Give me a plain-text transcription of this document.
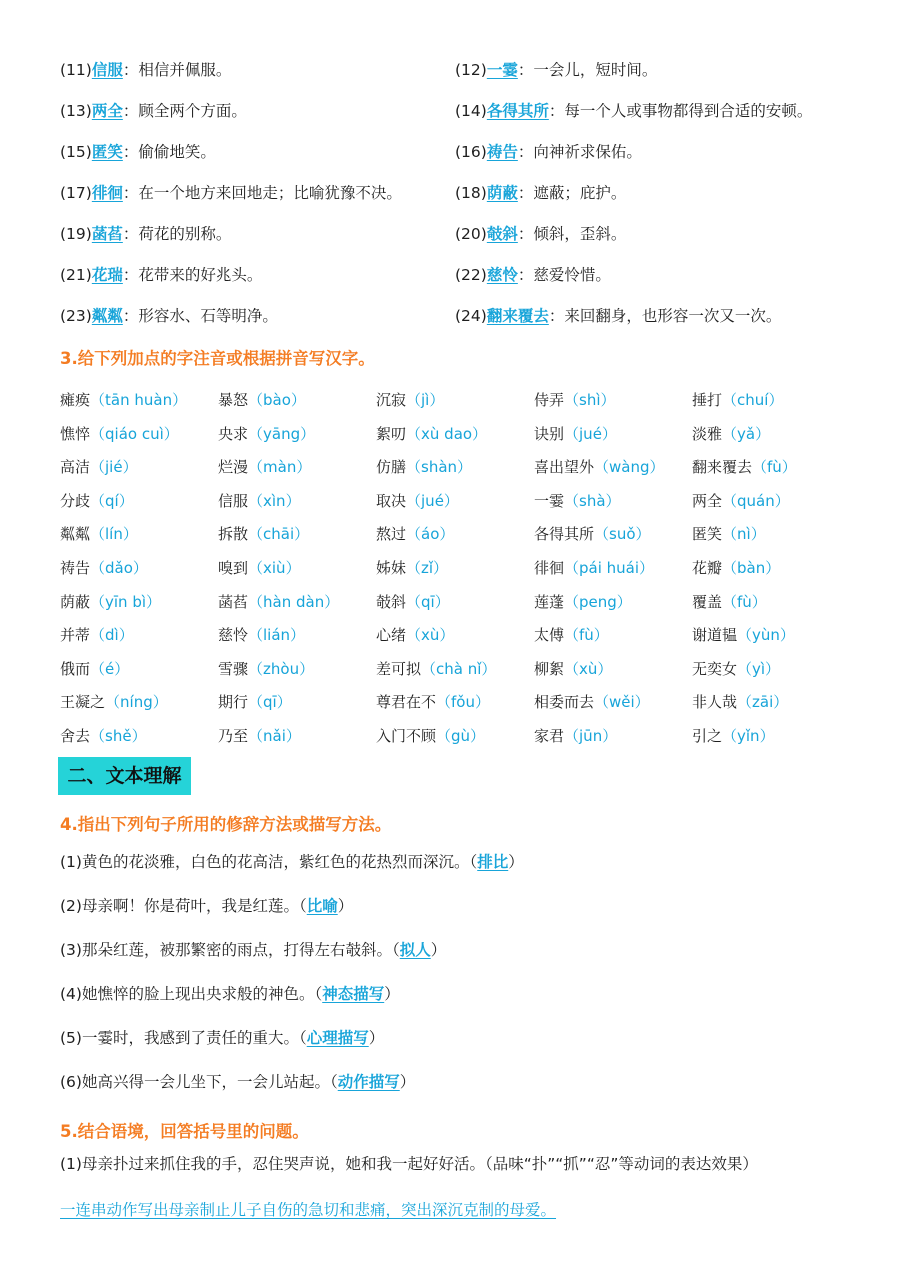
(11)信服：相信并佩服。	(12)一霎：一会儿，短时间。
(13)两全：顾全两个方面。	(14)各得其所：每一个人或事物都得到合适的安顿。
(15)匿笑：偷偷地笑。	(16)祷告：向神祈求保佑。
(17)徘徊：在一个地方来回地走；比喻犹豫不决。	(18)荫蔽：遮蔽；庇护。
(19)菡萏：荷花的别称。	(20)攲斜：倾斜，歪斜。
(21)花瑞：花带来的好兆头。	(22)慈怜：慈爱怜惜。
(23)粼粼：形容水、石等明净。	(24)翻来覆去：来回翻身，也形容一次又一次。
3.给下列加点的字注音或根据拼音写汉字。
瘫痪（tān huàn）	暴怒（bào）	沉寂（jì）	侍弄（shì）	捶打（chuí）
憔悴（qiáo cuì）	央求（yāng）	絮叨（xù dao）	诀别（jué）	淡雅（yǎ）
高洁（jié）	烂漫（màn）	仿膳（shàn）	喜出望外（wàng）	翻来覆去（fù）
分歧（qí）	信服（xìn）	取决（jué）	一霎（shà）	两全（quán）
粼粼（lín）	拆散（chāi）	熬过（áo）	各得其所（suǒ）	匿笑（nì）
祷告（dǎo）	嗅到（xiù）	姊妹（zǐ）	徘徊（pái huái）	花瓣（bàn）
荫蔽（yīn bì）	菡萏（hàn dàn）	攲斜（qī）	莲蓬（peng）	覆盖（fù）
并蒂（dì）	慈怜（lián）	心绪（xù）	太傅（fù）	谢道韫（yùn）
俄而（é）	雪骤（zhòu）	差可拟（chà nǐ）	柳絮（xù）	无奕女（yì）
王凝之（níng）	期行（qī）	尊君在不（fǒu）	相委而去（wěi）	非人哉（zāi）
舍去（shě）	乃至（nǎi）	入门不顾（gù）	家君（jūn）	引之（yǐn）
二、文本理解
4.指出下列句子所用的修辞方法或描写方法。
(1)黄色的花淡雅，白色的花高洁，紫红色的花热烈而深沉。（排比）
(2)母亲啊！你是荷叶，我是红莲。（比喻）
(3)那朵红莲，被那繁密的雨点，打得左右攲斜。（拟人）
(4)她憔悴的脸上现出央求般的神色。（神态描写）
(5)一霎时，我感到了责任的重大。（心理描写）
(6)她高兴得一会儿坐下，一会儿站起。（动作描写）
5.结合语境，回答括号里的问题。
(1)母亲扑过来抓住我的手，忍住哭声说，她和我一起好好活。（品味“扑”“抓”“忍”等动词的表达效果）
一连串动作写出母亲制止儿子自伤的急切和悲痛，突出深沉克制的母爱。
